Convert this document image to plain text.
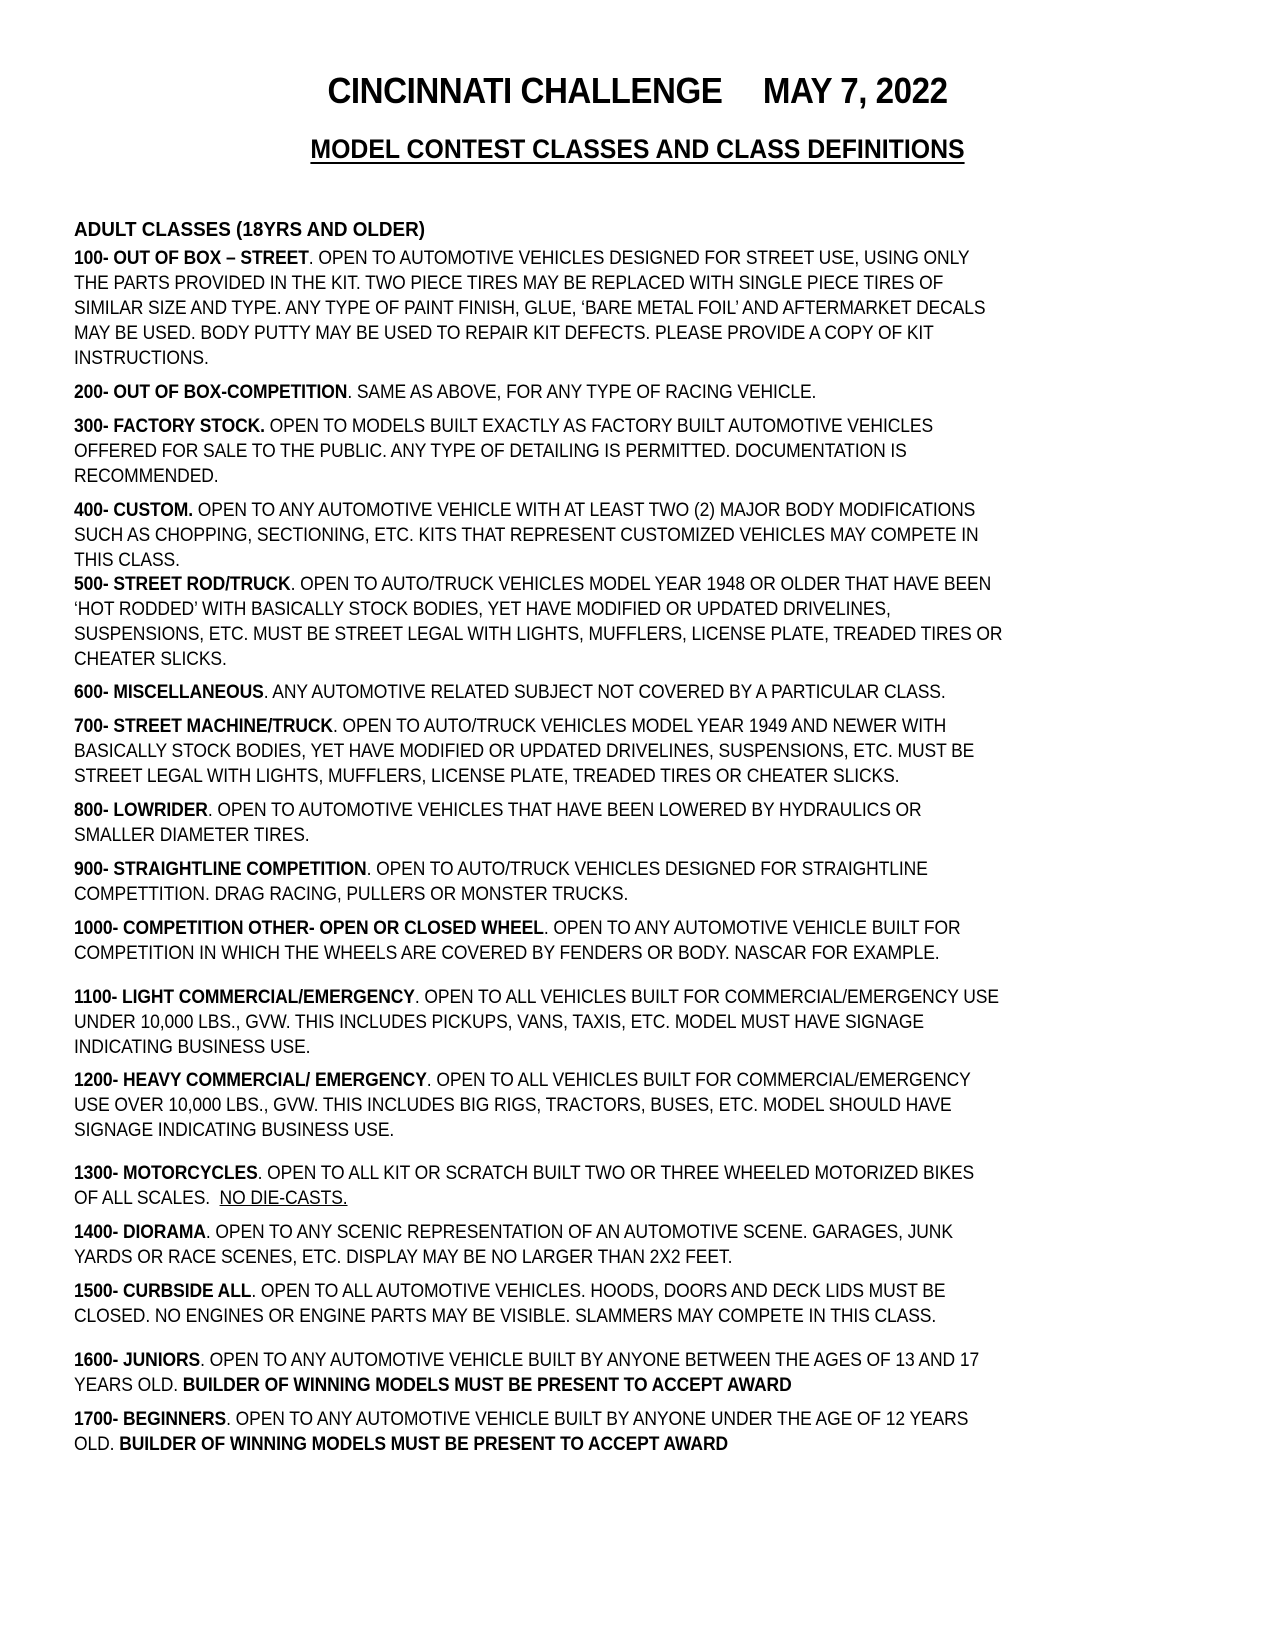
CINCINNATI CHALLENGE MAY 7, 2022
MODEL CONTEST CLASSES AND CLASS DEFINITIONS
ADULT CLASSES (18YRS AND OLDER)
100- OUT OF BOX – STREET. OPEN TO AUTOMOTIVE VEHICLES DESIGNED FOR STREET USE, USING ONLY
THE PARTS PROVIDED IN THE KIT. TWO PIECE TIRES MAY BE REPLACED WITH SINGLE PIECE TIRES OF
SIMILAR SIZE AND TYPE. ANY TYPE OF PAINT FINISH, GLUE, ‘BARE METAL FOIL’ AND AFTERMARKET DECALS
MAY BE USED. BODY PUTTY MAY BE USED TO REPAIR KIT DEFECTS. PLEASE PROVIDE A COPY OF KIT
INSTRUCTIONS.
200- OUT OF BOX-COMPETITION. SAME AS ABOVE, FOR ANY TYPE OF RACING VEHICLE.
300- FACTORY STOCK. OPEN TO MODELS BUILT EXACTLY AS FACTORY BUILT AUTOMOTIVE VEHICLES
OFFERED FOR SALE TO THE PUBLIC. ANY TYPE OF DETAILING IS PERMITTED. DOCUMENTATION IS
RECOMMENDED.
400- CUSTOM. OPEN TO ANY AUTOMOTIVE VEHICLE WITH AT LEAST TWO (2) MAJOR BODY MODIFICATIONS
SUCH AS CHOPPING, SECTIONING, ETC. KITS THAT REPRESENT CUSTOMIZED VEHICLES MAY COMPETE IN
THIS CLASS.
500- STREET ROD/TRUCK. OPEN TO AUTO/TRUCK VEHICLES MODEL YEAR 1948 OR OLDER THAT HAVE BEEN
‘HOT RODDED’ WITH BASICALLY STOCK BODIES, YET HAVE MODIFIED OR UPDATED DRIVELINES,
SUSPENSIONS, ETC. MUST BE STREET LEGAL WITH LIGHTS, MUFFLERS, LICENSE PLATE, TREADED TIRES OR
CHEATER SLICKS.
600- MISCELLANEOUS. ANY AUTOMOTIVE RELATED SUBJECT NOT COVERED BY A PARTICULAR CLASS.
700- STREET MACHINE/TRUCK. OPEN TO AUTO/TRUCK VEHICLES MODEL YEAR 1949 AND NEWER WITH
BASICALLY STOCK BODIES, YET HAVE MODIFIED OR UPDATED DRIVELINES, SUSPENSIONS, ETC. MUST BE
STREET LEGAL WITH LIGHTS, MUFFLERS, LICENSE PLATE, TREADED TIRES OR CHEATER SLICKS.
800- LOWRIDER. OPEN TO AUTOMOTIVE VEHICLES THAT HAVE BEEN LOWERED BY HYDRAULICS OR
SMALLER DIAMETER TIRES.
900- STRAIGHTLINE COMPETITION. OPEN TO AUTO/TRUCK VEHICLES DESIGNED FOR STRAIGHTLINE
COMPETTITION. DRAG RACING, PULLERS OR MONSTER TRUCKS.
1000- COMPETITION OTHER- OPEN OR CLOSED WHEEL. OPEN TO ANY AUTOMOTIVE VEHICLE BUILT FOR
COMPETITION IN WHICH THE WHEELS ARE COVERED BY FENDERS OR BODY. NASCAR FOR EXAMPLE.
1100- LIGHT COMMERCIAL/EMERGENCY. OPEN TO ALL VEHICLES BUILT FOR COMMERCIAL/EMERGENCY USE
UNDER 10,000 LBS., GVW. THIS INCLUDES PICKUPS, VANS, TAXIS, ETC. MODEL MUST HAVE SIGNAGE
INDICATING BUSINESS USE.
1200- HEAVY COMMERCIAL/ EMERGENCY. OPEN TO ALL VEHICLES BUILT FOR COMMERCIAL/EMERGENCY
USE OVER 10,000 LBS., GVW. THIS INCLUDES BIG RIGS, TRACTORS, BUSES, ETC. MODEL SHOULD HAVE
SIGNAGE INDICATING BUSINESS USE.
1300- MOTORCYCLES. OPEN TO ALL KIT OR SCRATCH BUILT TWO OR THREE WHEELED MOTORIZED BIKES
OF ALL SCALES.  NO DIE-CASTS.
1400- DIORAMA. OPEN TO ANY SCENIC REPRESENTATION OF AN AUTOMOTIVE SCENE. GARAGES, JUNK
YARDS OR RACE SCENES, ETC. DISPLAY MAY BE NO LARGER THAN 2X2 FEET.
1500- CURBSIDE ALL. OPEN TO ALL AUTOMOTIVE VEHICLES. HOODS, DOORS AND DECK LIDS MUST BE
CLOSED. NO ENGINES OR ENGINE PARTS MAY BE VISIBLE. SLAMMERS MAY COMPETE IN THIS CLASS.
1600- JUNIORS. OPEN TO ANY AUTOMOTIVE VEHICLE BUILT BY ANYONE BETWEEN THE AGES OF 13 AND 17
YEARS OLD. BUILDER OF WINNING MODELS MUST BE PRESENT TO ACCEPT AWARD
1700- BEGINNERS. OPEN TO ANY AUTOMOTIVE VEHICLE BUILT BY ANYONE UNDER THE AGE OF 12 YEARS
OLD. BUILDER OF WINNING MODELS MUST BE PRESENT TO ACCEPT AWARD
